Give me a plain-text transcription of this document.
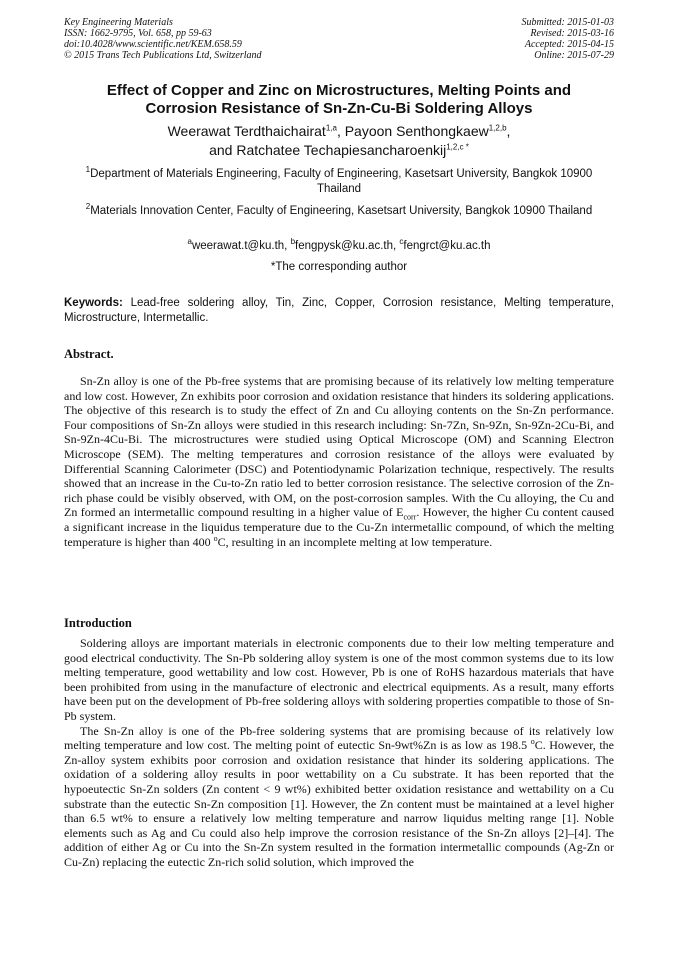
Key Engineering Materials
ISSN: 1662-9795, Vol. 658, pp 59-63
doi:10.4028/www.scientific.net/KEM.658.59
© 2015 Trans Tech Publications Ltd, Switzerland
Submitted: 2015-01-03
Revised: 2015-03-16
Accepted: 2015-04-15
Online: 2015-07-29
Effect of Copper and Zinc on Microstructures, Melting Points and
Corrosion Resistance of Sn-Zn-Cu-Bi Soldering Alloys
Weerawat Terdthaichairat$^{1,a}$, Payoon Senthongkaew$^{1,2,b}$,
and Ratchatee Techapiesancharoenkij$^{1,2,c *}$
$^1$Department of Materials Engineering, Faculty of Engineering, Kasetsart University, Bangkok 10900 Thailand
$^2$Materials Innovation Center, Faculty of Engineering, Kasetsart University, Bangkok 10900 Thailand
$^a$weerawat.t@ku.th, $^b$fengpysk@ku.ac.th, $^c$fengrct@ku.ac.th
*The corresponding author
Keywords: Lead-free soldering alloy, Tin, Zinc, Copper, Corrosion resistance, Melting temperature, Microstructure, Intermetallic.
Abstract.

Sn-Zn alloy is one of the Pb-free systems that are promising because of its relatively low melting temperature and low cost. However, Zn exhibits poor corrosion and oxidation resistance that hinders its soldering applications. The objective of this research is to study the effect of Zn and Cu alloying contents on the Sn-Zn performance. Four compositions of Sn-Zn alloys were studied in this research including: Sn-7Zn, Sn-9Zn, Sn-9Zn-2Cu-Bi, and Sn-9Zn-4Cu-Bi. The microstructures were studied using Optical Microscope (OM) and Scanning Electron Microscope (SEM). The melting temperatures and corrosion resistance of the alloys were evaluated by Differential Scanning Calorimeter (DSC) and Potentiodynamic Polarization technique, respectively. The results showed that an increase in the Cu-to-Zn ratio led to better corrosion resistance. The selective corrosion of the Zn-rich phase could be visibly observed, with OM, on the post-corrosion samples. With the Cu alloying, the Cu and Zn formed an intermetallic compound resulting in a higher value of $E_{corr}$. However, the higher Cu content caused a significant increase in the liquidus temperature due to the Cu-Zn intermetallic compound, of which the melting temperature is higher than 400 $^o$C, resulting in an incomplete melting at low temperature.

Introduction

Soldering alloys are important materials in electronic components due to their low melting temperature and good electrical conductivity. The Sn-Pb soldering alloy system is one of the most common systems due to its low melting temperature, good wettability and low cost. However, Pb is one of RoHS hazardous materials that have been prohibited from using in the manufacture of electronic and electrical equipments. As a result, many efforts have been put on the development of Pb-free soldering alloys with soldering properties compatible to those of Sn-Pb system.

The Sn-Zn alloy is one of the Pb-free soldering systems that are promising because of its relatively low melting temperature and low cost. The melting point of eutectic Sn-9wt%Zn is as low as 198.5 $^o$C. However, the Zn-alloy system exhibits poor corrosion and oxidation resistance that hinder its soldering applications. The oxidation of a soldering alloy results in poor wettability on a Cu substrate. It has been reported that the hypoeutectic Sn-Zn solders (Zn content < 9 wt%) exhibited better oxidation resistance and wettability on a Cu substrate than the eutectic Sn-Zn composition [1]. However, the Zn content must be maintained at a level higher than 6.5 wt% to ensure a relatively low melting temperature and narrow liquidus melting range [1]. Noble elements such as Ag and Cu could also help improve the corrosion resistance of the Sn-Zn alloys [2]–[4]. The addition of either Ag or Cu into the Sn-Zn system resulted in the formation intermetallic compounds (Ag-Zn or Cu-Zn) replacing the eutectic Zn-rich solid solution, which improved the
